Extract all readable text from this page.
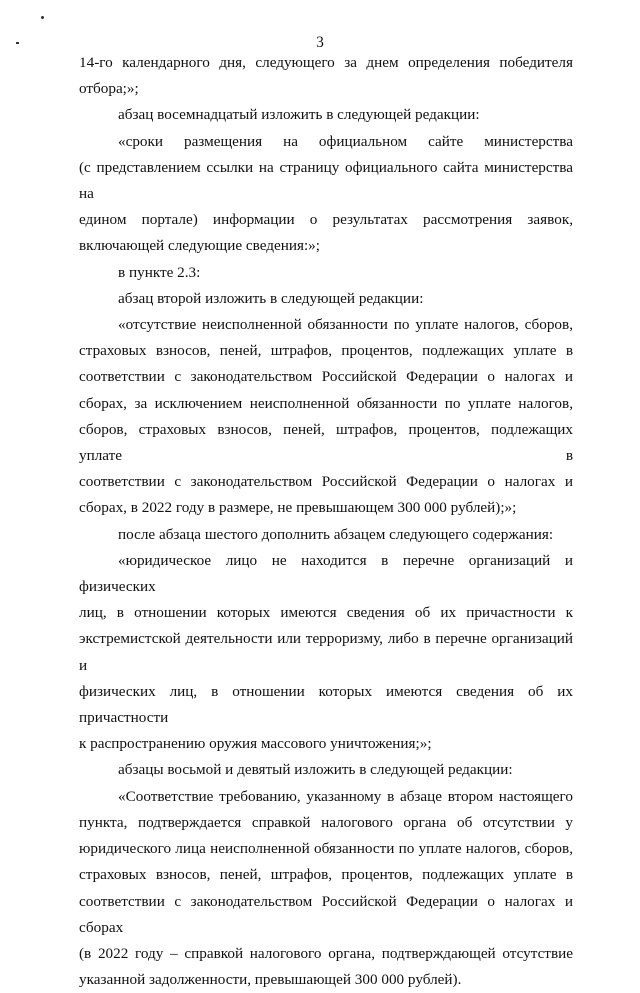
3

14-го календарного дня, следующего за днем определения победителя

отбора;»;

абзац восемнадцатый изложить в следующей редакции:

«сроки размещения на официальном сайте министерства

(с представлением ссылки на страницу официального сайта министерства на

едином портале) информации о результатах рассмотрения заявок,

включающей следующие сведения:»;

в пункте 2.3:

абзац второй изложить в следующей редакции:

«отсутствие неисполненной обязанности по уплате налогов, сборов,

страховых взносов, пеней, штрафов, процентов, подлежащих уплате в

соответствии с законодательством Российской Федерации о налогах и

сборах, за исключением неисполненной обязанности по уплате налогов,

сборов, страховых взносов, пеней, штрафов, процентов, подлежащих уплате в

соответствии с законодательством Российской Федерации о налогах и

сборах, в 2022 году в размере, не превышающем 300 000 рублей);»;

после абзаца шестого дополнить абзацем следующего содержания:

«юридическое лицо не находится в перечне организаций и физических

лиц, в отношении которых имеются сведения об их причастности к

экстремистской деятельности или терроризму, либо в перечне организаций и

физических лиц, в отношении которых имеются сведения об их причастности

к распространению оружия массового уничтожения;»;

абзацы восьмой и девятый изложить в следующей редакции:

«Соответствие требованию, указанному в абзаце втором настоящего

пункта, подтверждается справкой налогового органа об отсутствии у

юридического лица неисполненной обязанности по уплате налогов, сборов,

страховых взносов, пеней, штрафов, процентов, подлежащих уплате в

соответствии с законодательством Российской Федерации о налогах и сборах

(в 2022 году – справкой налогового органа, подтверждающей отсутствие

указанной задолженности, превышающей 300 000 рублей).
